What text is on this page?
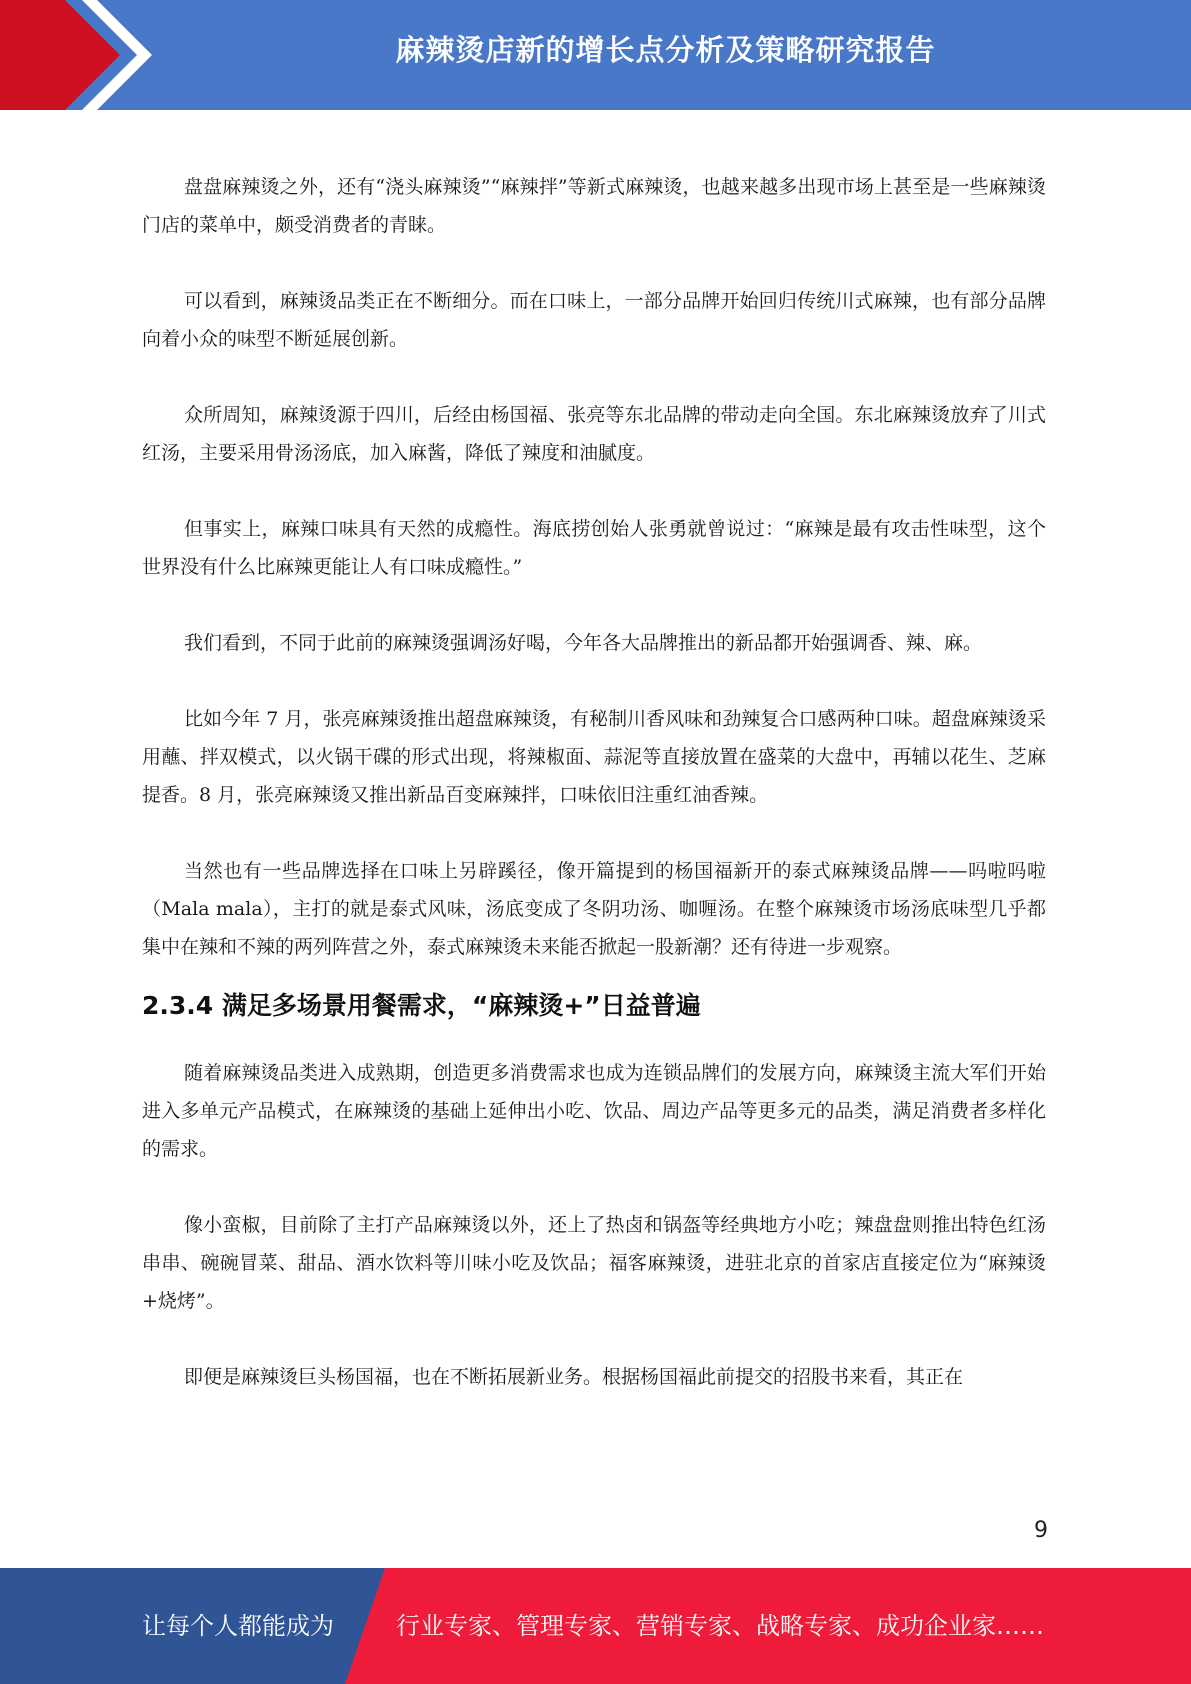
麻辣烫店新的增长点分析及策略研究报告

盘盘麻辣烫之外，还有“浇头麻辣烫”“麻辣拌”等新式麻辣烫，也越来越多出现市场上甚至是一些麻辣烫门店的菜单中，颇受消费者的青睐。

可以看到，麻辣烫品类正在不断细分。而在口味上，一部分品牌开始回归传统川式麻辣，也有部分品牌向着小众的味型不断延展创新。

众所周知，麻辣烫源于四川，后经由杨国福、张亮等东北品牌的带动走向全国。东北麻辣烫放弃了川式红汤，主要采用骨汤汤底，加入麻酱，降低了辣度和油腻度。

但事实上，麻辣口味具有天然的成瘾性。海底捞创始人张勇就曾说过：“麻辣是最有攻击性味型，这个世界没有什么比麻辣更能让人有口味成瘾性。”

我们看到，不同于此前的麻辣烫强调汤好喝，今年各大品牌推出的新品都开始强调香、辣、麻。

比如今年 7 月，张亮麻辣烫推出超盘麻辣烫，有秘制川香风味和劲辣复合口感两种口味。超盘麻辣烫采用蘸、拌双模式，以火锅干碟的形式出现，将辣椒面、蒜泥等直接放置在盛菜的大盘中，再辅以花生、芝麻提香。8 月，张亮麻辣烫又推出新品百变麻辣拌，口味依旧注重红油香辣。

当然也有一些品牌选择在口味上另辟蹊径，像开篇提到的杨国福新开的泰式麻辣烫品牌——吗啦吗啦（Mala mala），主打的就是泰式风味，汤底变成了冬阴功汤、咖喱汤。在整个麻辣烫市场汤底味型几乎都集中在辣和不辣的两列阵营之外，泰式麻辣烫未来能否掀起一股新潮？还有待进一步观察。

2.3.4 满足多场景用餐需求，“麻辣烫+”日益普遍

随着麻辣烫品类进入成熟期，创造更多消费需求也成为连锁品牌们的发展方向，麻辣烫主流大军们开始进入多单元产品模式，在麻辣烫的基础上延伸出小吃、饮品、周边产品等更多元的品类，满足消费者多样化的需求。

像小蛮椒，目前除了主打产品麻辣烫以外，还上了热卤和锅盔等经典地方小吃；辣盘盘则推出特色红汤串串、碗碗冒菜、甜品、酒水饮料等川味小吃及饮品；福客麻辣烫，进驻北京的首家店直接定位为“麻辣烫+烧烤”。

即便是麻辣烫巨头杨国福，也在不断拓展新业务。根据杨国福此前提交的招股书来看，其正在

9
让每个人都能成为	行业专家、管理专家、营销专家、战略专家、成功企业家……
